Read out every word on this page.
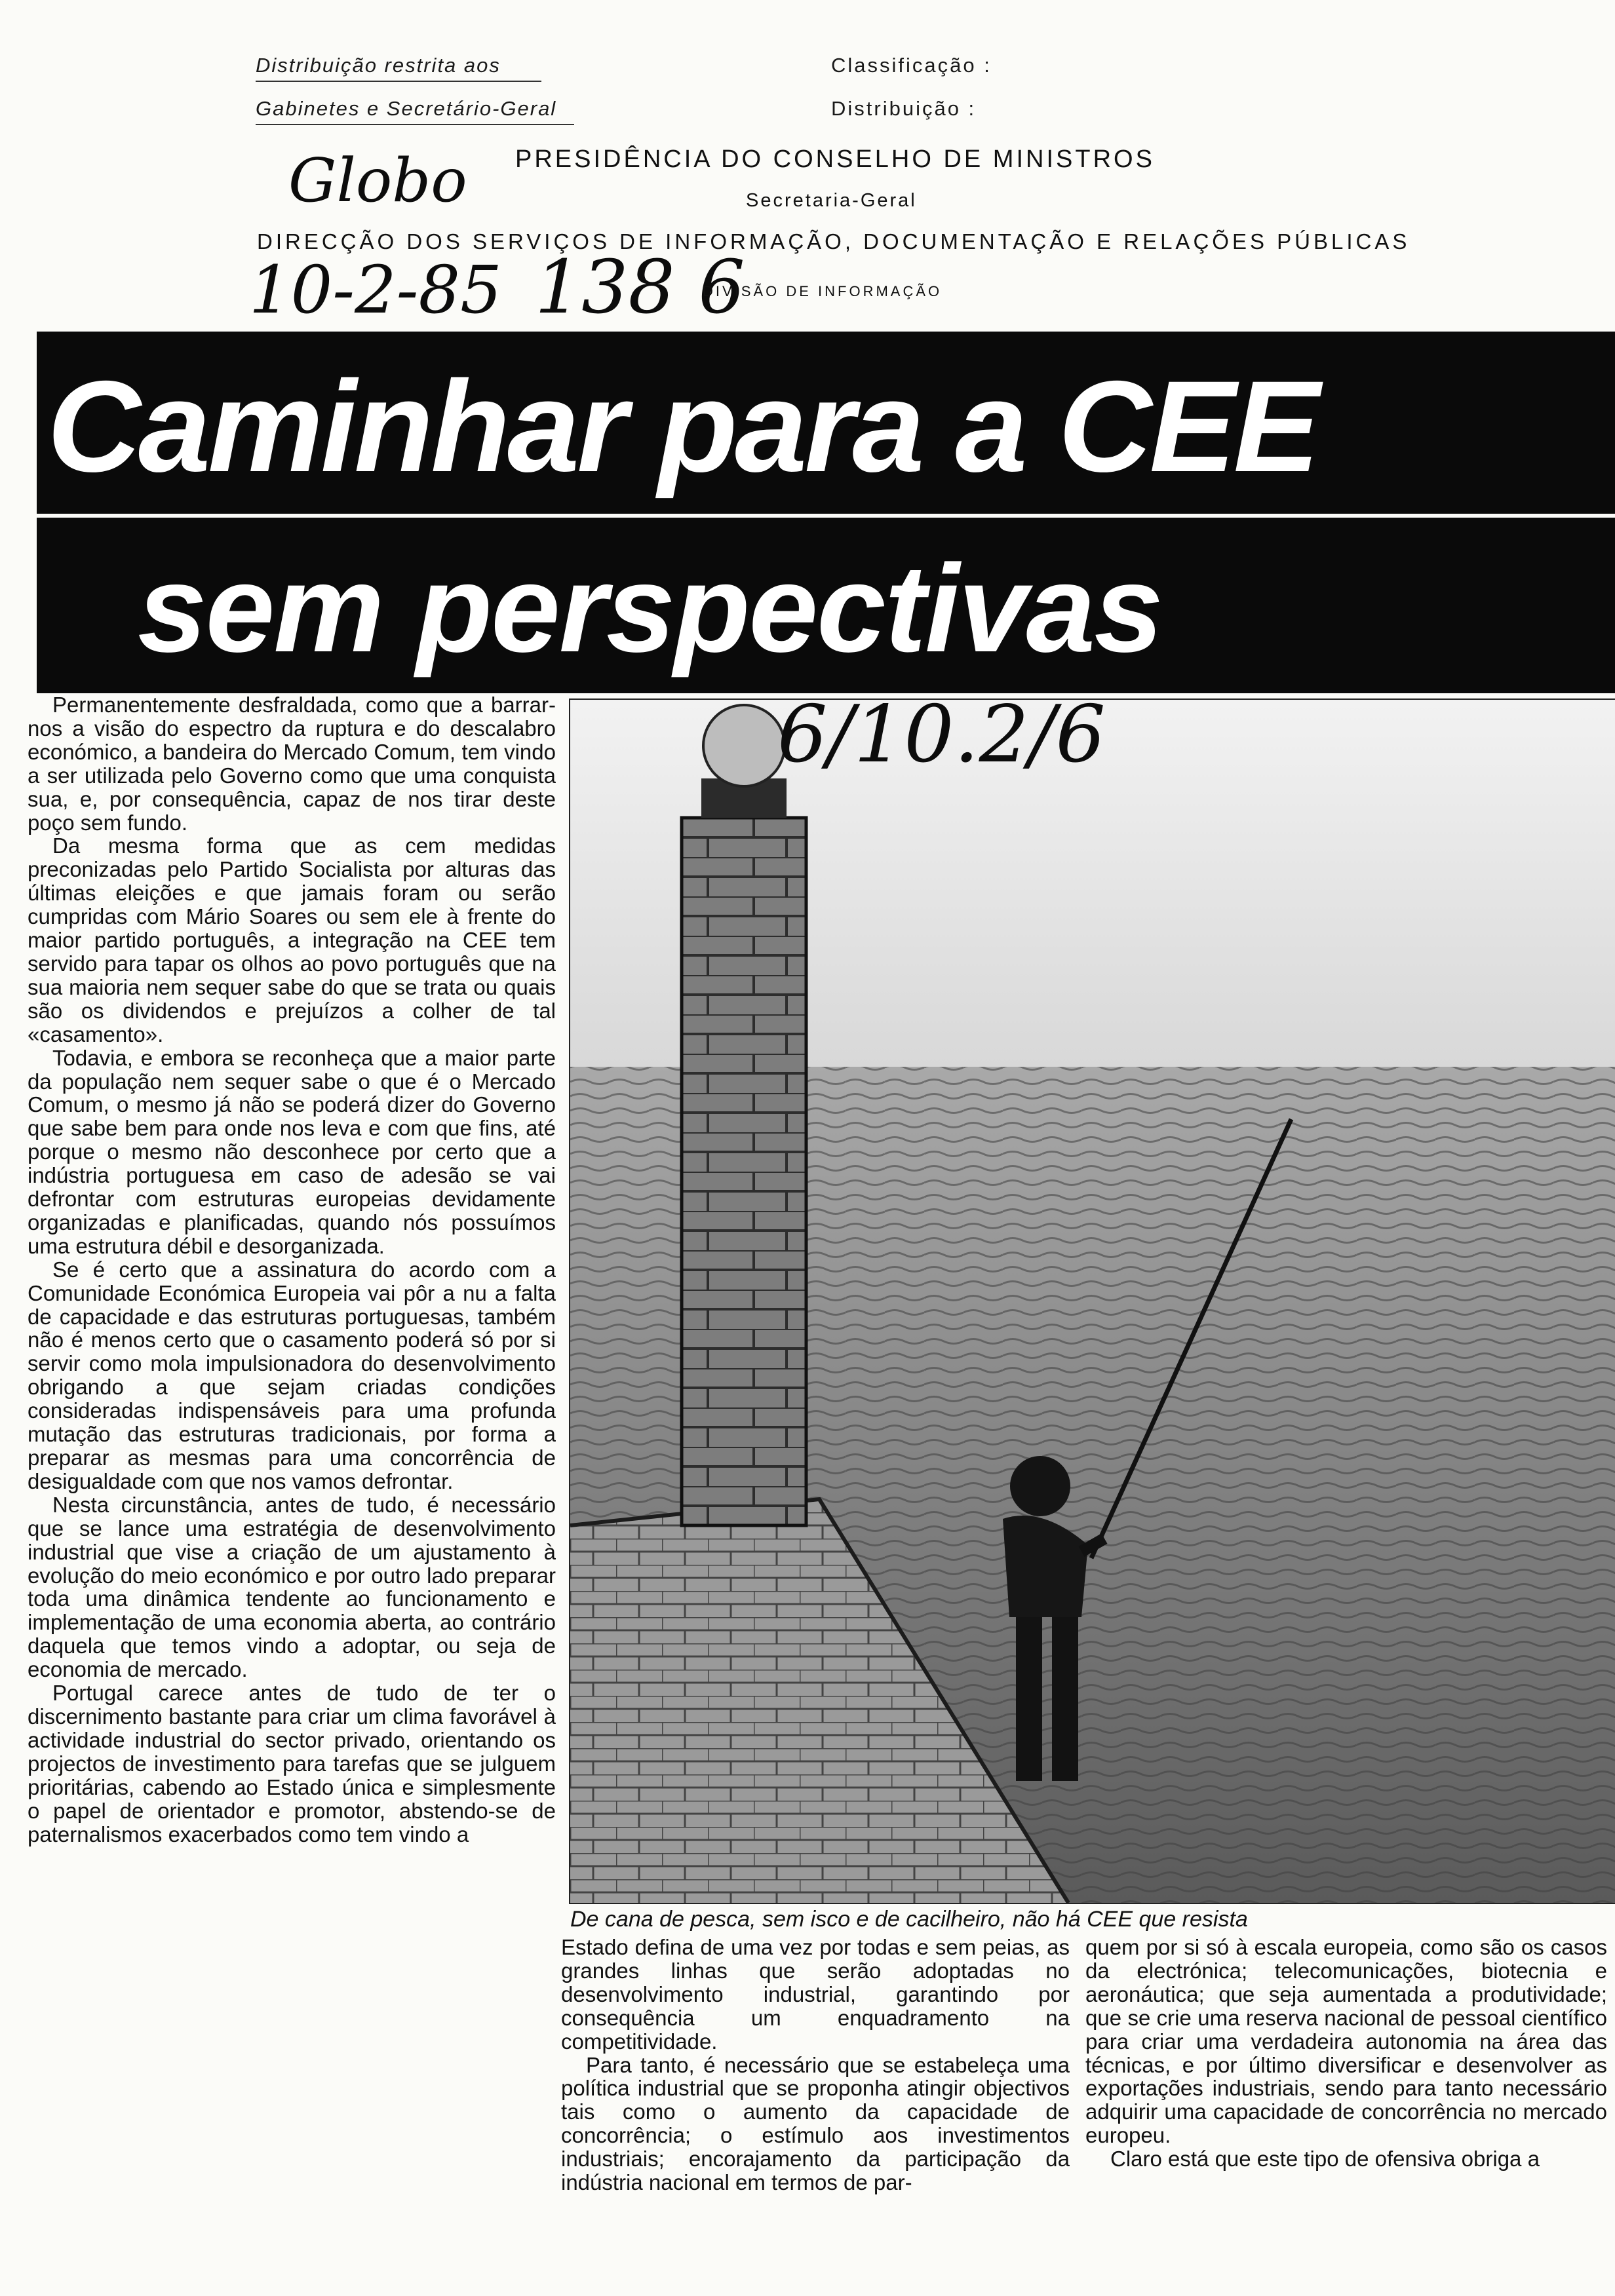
Distribuição restrita aos
Gabinetes e Secretário-Geral
Classificação :
Distribuição :
Globo PRESIDÊNCIA DO CONSELHO DE MINISTROS
Secretaria-Geral
DIRECÇÃO DOS SERVIÇOS DE INFORMAÇÃO, DOCUMENTAÇÃO E RELAÇÕES PÚBLICAS
10-2-85 138 6
DIVISÃO DE INFORMAÇÃO
Caminhar para a CEE
sem perspectivas
6/10.2/6
De cana de pesca, sem isco e de cacilheiro, não há CEE que resista

Permanentemente desfraldada, como que a barrar-nos a visão do espectro da ruptura e do descalabro económico, a bandeira do Mercado Comum, tem vindo a ser utilizada pelo Governo como que uma conquista sua, e, por consequência, capaz de nos tirar deste poço sem fundo.

Da mesma forma que as cem medidas preconizadas pelo Partido Socialista por alturas das últimas eleições e que jamais foram ou serão cumpridas com Mário Soares ou sem ele à frente do maior partido português, a integração na CEE tem servido para tapar os olhos ao povo português que na sua maioria nem sequer sabe do que se trata ou quais são os dividendos e prejuízos a colher de tal «casamento».

Todavia, e embora se reconheça que a maior parte da população nem sequer sabe o que é o Mercado Comum, o mesmo já não se poderá dizer do Governo que sabe bem para onde nos leva e com que fins, até porque o mesmo não desconhece por certo que a indústria portuguesa em caso de adesão se vai defrontar com estruturas europeias devidamente organizadas e planificadas, quando nós possuímos uma estrutura débil e desorganizada.

Se é certo que a assinatura do acordo com a Comunidade Económica Europeia vai pôr a nu a falta de capacidade e das estruturas portuguesas, também não é menos certo que o casamento poderá só por si servir como mola impulsionadora do desenvolvimento obrigando a que sejam criadas condições consideradas indispensáveis para uma profunda mutação das estruturas tradicionais, por forma a preparar as mesmas para uma concorrência de desigualdade com que nos vamos defrontar.

Nesta circunstância, antes de tudo, é necessário que se lance uma estratégia de desenvolvimento industrial que vise a criação de um ajustamento à evolução do meio económico e por outro lado preparar toda uma dinâmica tendente ao funcionamento e implementação de uma economia aberta, ao contrário daquela que temos vindo a adoptar, ou seja de economia de mercado.

Portugal carece antes de tudo de ter o discernimento bastante para criar um clima favorável à actividade industrial do sector privado, orientando os projectos de investimento para tarefas que se julguem prioritárias, cabendo ao Estado única e simplesmente o papel de orientador e promotor, abstendo-se de paternalismos exacerbados como tem vindo a

Estado defina de uma vez por todas e sem peias, as grandes linhas que serão adoptadas no desenvolvimento industrial, garantindo por consequência um enquadramento na competitividade.

Para tanto, é necessário que se estabeleça uma política industrial que se proponha atingir objectivos tais como o aumento da capacidade de concorrência; o estímulo aos investimentos industriais; encorajamento da participação da indústria nacional em termos de par-

quem por si só à escala europeia, como são os casos da electrónica; telecomunicações, biotecnia e aeronáutica; que seja aumentada a produtividade; que se crie uma reserva nacional de pessoal científico para criar uma verdadeira autonomia na área das técnicas, e por último diversificar e desenvolver as exportações industriais, sendo para tanto necessário adquirir uma capacidade de concorrência no mercado europeu.

Claro está que este tipo de ofensiva obriga a
